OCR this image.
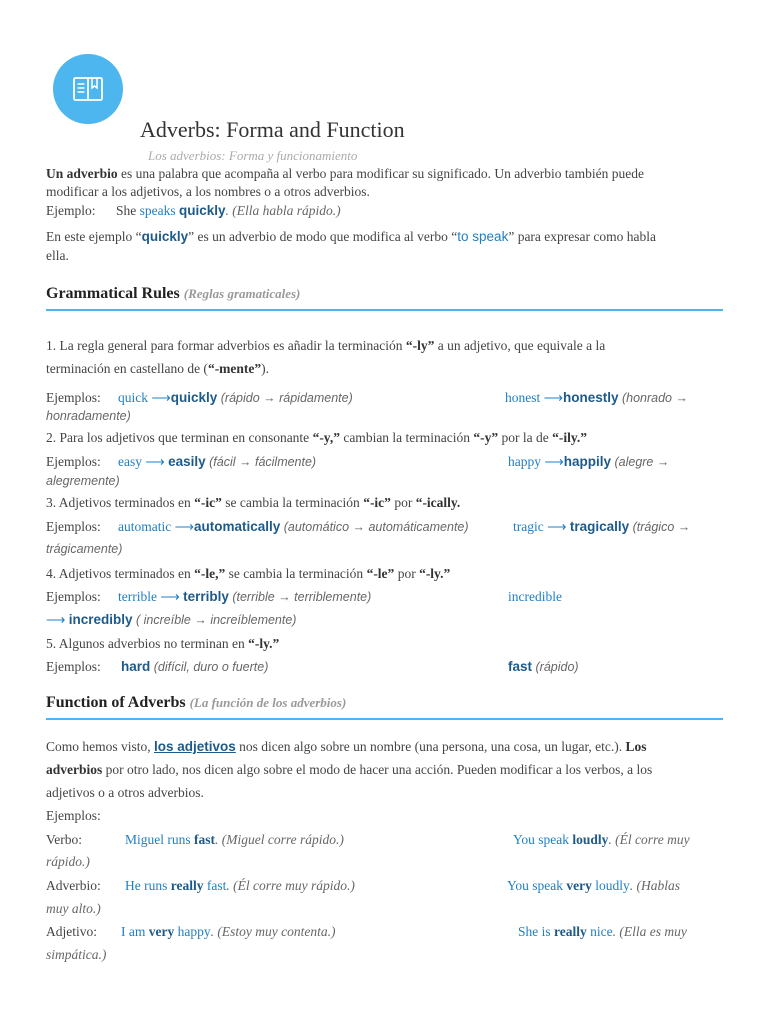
Adverbs: Forma and Function
Los adverbios: Forma y funcionamiento
Un adverbio es una palabra que acompaña al verbo para modificar su significado. Un adverbio también puede
modificar a los adjetivos, a los nombres o a otros adverbios.
Ejemplo: She speaks quickly. (Ella habla rápido.)
En este ejemplo “quickly” es un adverbio de modo que modifica al verbo “to speak” para expresar como habla
ella.
Grammatical Rules (Reglas gramaticales)
1. La regla general para formar adverbios es añadir la terminación “-ly” a un adjetivo, que equivale a la
terminación en castellano de (“-mente”).
Ejemplos: quick ⟶quickly (rápido → rápidamente)	honest ⟶honestly (honrado →
honradamente)
2. Para los adjetivos que terminan en consonante “-y,” cambian la terminación “-y” por la de “-ily.”
Ejemplos: easy ⟶ easily (fácil → fácilmente)	happy ⟶happily (alegre →
alegremente)
3. Adjetivos terminados en “-ic” se cambia la terminación “-ic” por “-ically.
Ejemplos: automatic ⟶automatically (automático → automáticamente)	tragic ⟶ tragically (trágico →
trágicamente)
4. Adjetivos terminados en “-le,” se cambia la terminación “-le” por “-ly.”
Ejemplos: terrible ⟶ terribly (terrible → terriblemente)	incredible
⟶ incredibly ( increíble → increíblemente)
5. Algunos adverbios no terminan en “-ly.”
Ejemplos: hard (difícil, duro o fuerte)	fast (rápido)
Function of Adverbs (La función de los adverbios)
Como hemos visto, los adjetivos nos dicen algo sobre un nombre (una persona, una cosa, un lugar, etc.). Los
adverbios por otro lado, nos dicen algo sobre el modo de hacer una acción. Pueden modificar a los verbos, a los
adjetivos o a otros adverbios.
Ejemplos:
Verbo:	Miguel runs fast. (Miguel corre rápido.)	You speak loudly. (Él corre muy
rápido.)
Adverbio: He runs really fast. (Él corre muy rápido.)	You speak very loudly. (Hablas
muy alto.)
Adjetivo: I am very happy. (Estoy muy contenta.)	She is really nice. (Ella es muy
simpática.)
